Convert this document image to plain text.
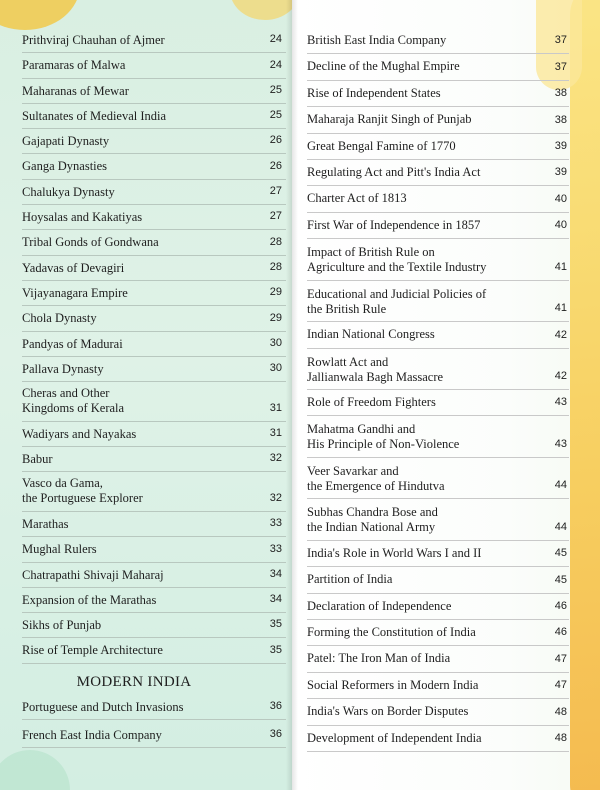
Prithviraj Chauhan of Ajmer	24
Paramaras of Malwa	24
Maharanas of Mewar	25
Sultanates of Medieval India	25
Gajapati Dynasty	26
Ganga Dynasties	26
Chalukya Dynasty	27
Hoysalas and Kakatiyas	27
Tribal Gonds of Gondwana	28
Yadavas of Devagiri	28
Vijayanagara Empire	29
Chola Dynasty	29
Pandyas of Madurai	30
Pallava Dynasty	30
Cheras and Other
Kingdoms of Kerala	31
Wadiyars and Nayakas	31
Babur	32
Vasco da Gama,
the Portuguese Explorer	32
Marathas	33
Mughal Rulers	33
Chatrapathi Shivaji Maharaj	34
Expansion of the Marathas	34
Sikhs of Punjab	35
Rise of Temple Architecture	35
MODERN INDIA
Portuguese and Dutch Invasions	36
French East India Company	36
British East India Company	37
Decline of the Mughal Empire	37
Rise of Independent States	38
Maharaja Ranjit Singh of Punjab	38
Great Bengal Famine of 1770	39
Regulating Act and Pitt's India Act	39
Charter Act of 1813	40
First War of Independence in 1857	40
Impact of British Rule on
Agriculture and the Textile Industry	41
Educational and Judicial Policies of
the British Rule	41
Indian National Congress	42
Rowlatt Act and
Jallianwala Bagh Massacre	42
Role of Freedom Fighters	43
Mahatma Gandhi and
His Principle of Non-Violence	43
Veer Savarkar and
the Emergence of Hindutva	44
Subhas Chandra Bose and
the Indian National Army	44
India's Role in World Wars I and II	45
Partition of India	45
Declaration of Independence	46
Forming the Constitution of India	46
Patel: The Iron Man of India	47
Social Reformers in Modern India	47
India's Wars on Border Disputes	48
Development of Independent India	48
